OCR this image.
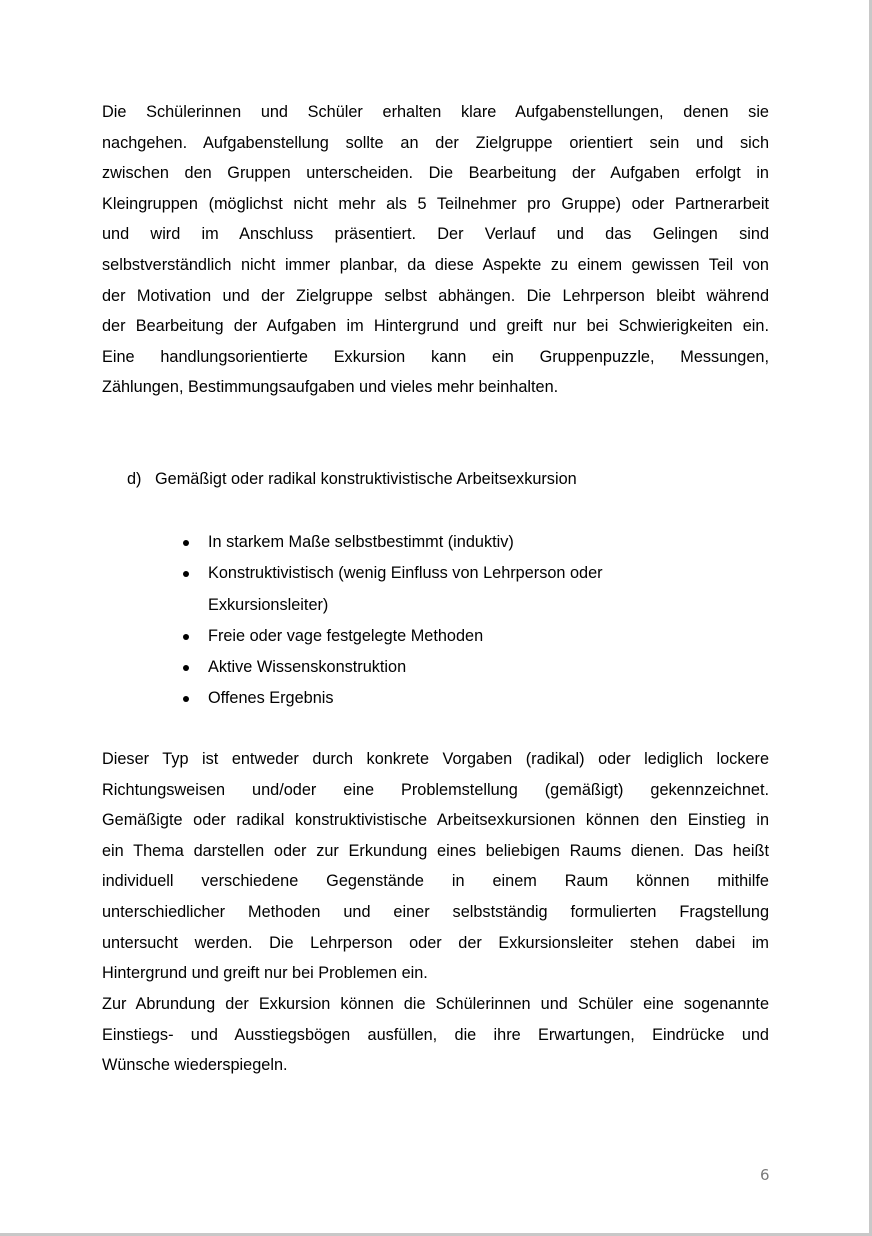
Die Schülerinnen und Schüler erhalten klare Aufgabenstellungen, denen sie
nachgehen. Aufgabenstellung sollte an der Zielgruppe orientiert sein und sich
zwischen den Gruppen unterscheiden. Die Bearbeitung der Aufgaben erfolgt in
Kleingruppen (möglichst nicht mehr als 5 Teilnehmer pro Gruppe) oder Partnerarbeit
und wird im Anschluss präsentiert. Der Verlauf und das Gelingen sind
selbstverständlich nicht immer planbar, da diese Aspekte zu einem gewissen Teil von
der Motivation und der Zielgruppe selbst abhängen. Die Lehrperson bleibt während
der Bearbeitung der Aufgaben im Hintergrund und greift nur bei Schwierigkeiten ein.
Eine handlungsorientierte Exkursion kann ein Gruppenpuzzle, Messungen,
Zählungen, Bestimmungsaufgaben und vieles mehr beinhalten.

d) Gemäßigt oder radikal konstruktivistische Arbeitsexkursion

In starkem Maße selbstbestimmt (induktiv)
Konstruktivistisch (wenig Einfluss von Lehrperson oder
Exkursionsleiter)
Freie oder vage festgelegte Methoden
Aktive Wissenskonstruktion
Offenes Ergebnis
Dieser Typ ist entweder durch konkrete Vorgaben (radikal) oder lediglich lockere
Richtungsweisen und/oder eine Problemstellung (gemäßigt) gekennzeichnet.
Gemäßigte oder radikal konstruktivistische Arbeitsexkursionen können den Einstieg in
ein Thema darstellen oder zur Erkundung eines beliebigen Raums dienen. Das heißt
individuell verschiedene Gegenstände in einem Raum können mithilfe
unterschiedlicher Methoden und einer selbstständig formulierten Fragstellung
untersucht werden. Die Lehrperson oder der Exkursionsleiter stehen dabei im
Hintergrund und greift nur bei Problemen ein.
Zur Abrundung der Exkursion können die Schülerinnen und Schüler eine sogenannte
Einstiegs- und Ausstiegsbögen ausfüllen, die ihre Erwartungen, Eindrücke und
Wünsche wiederspiegeln.
6
